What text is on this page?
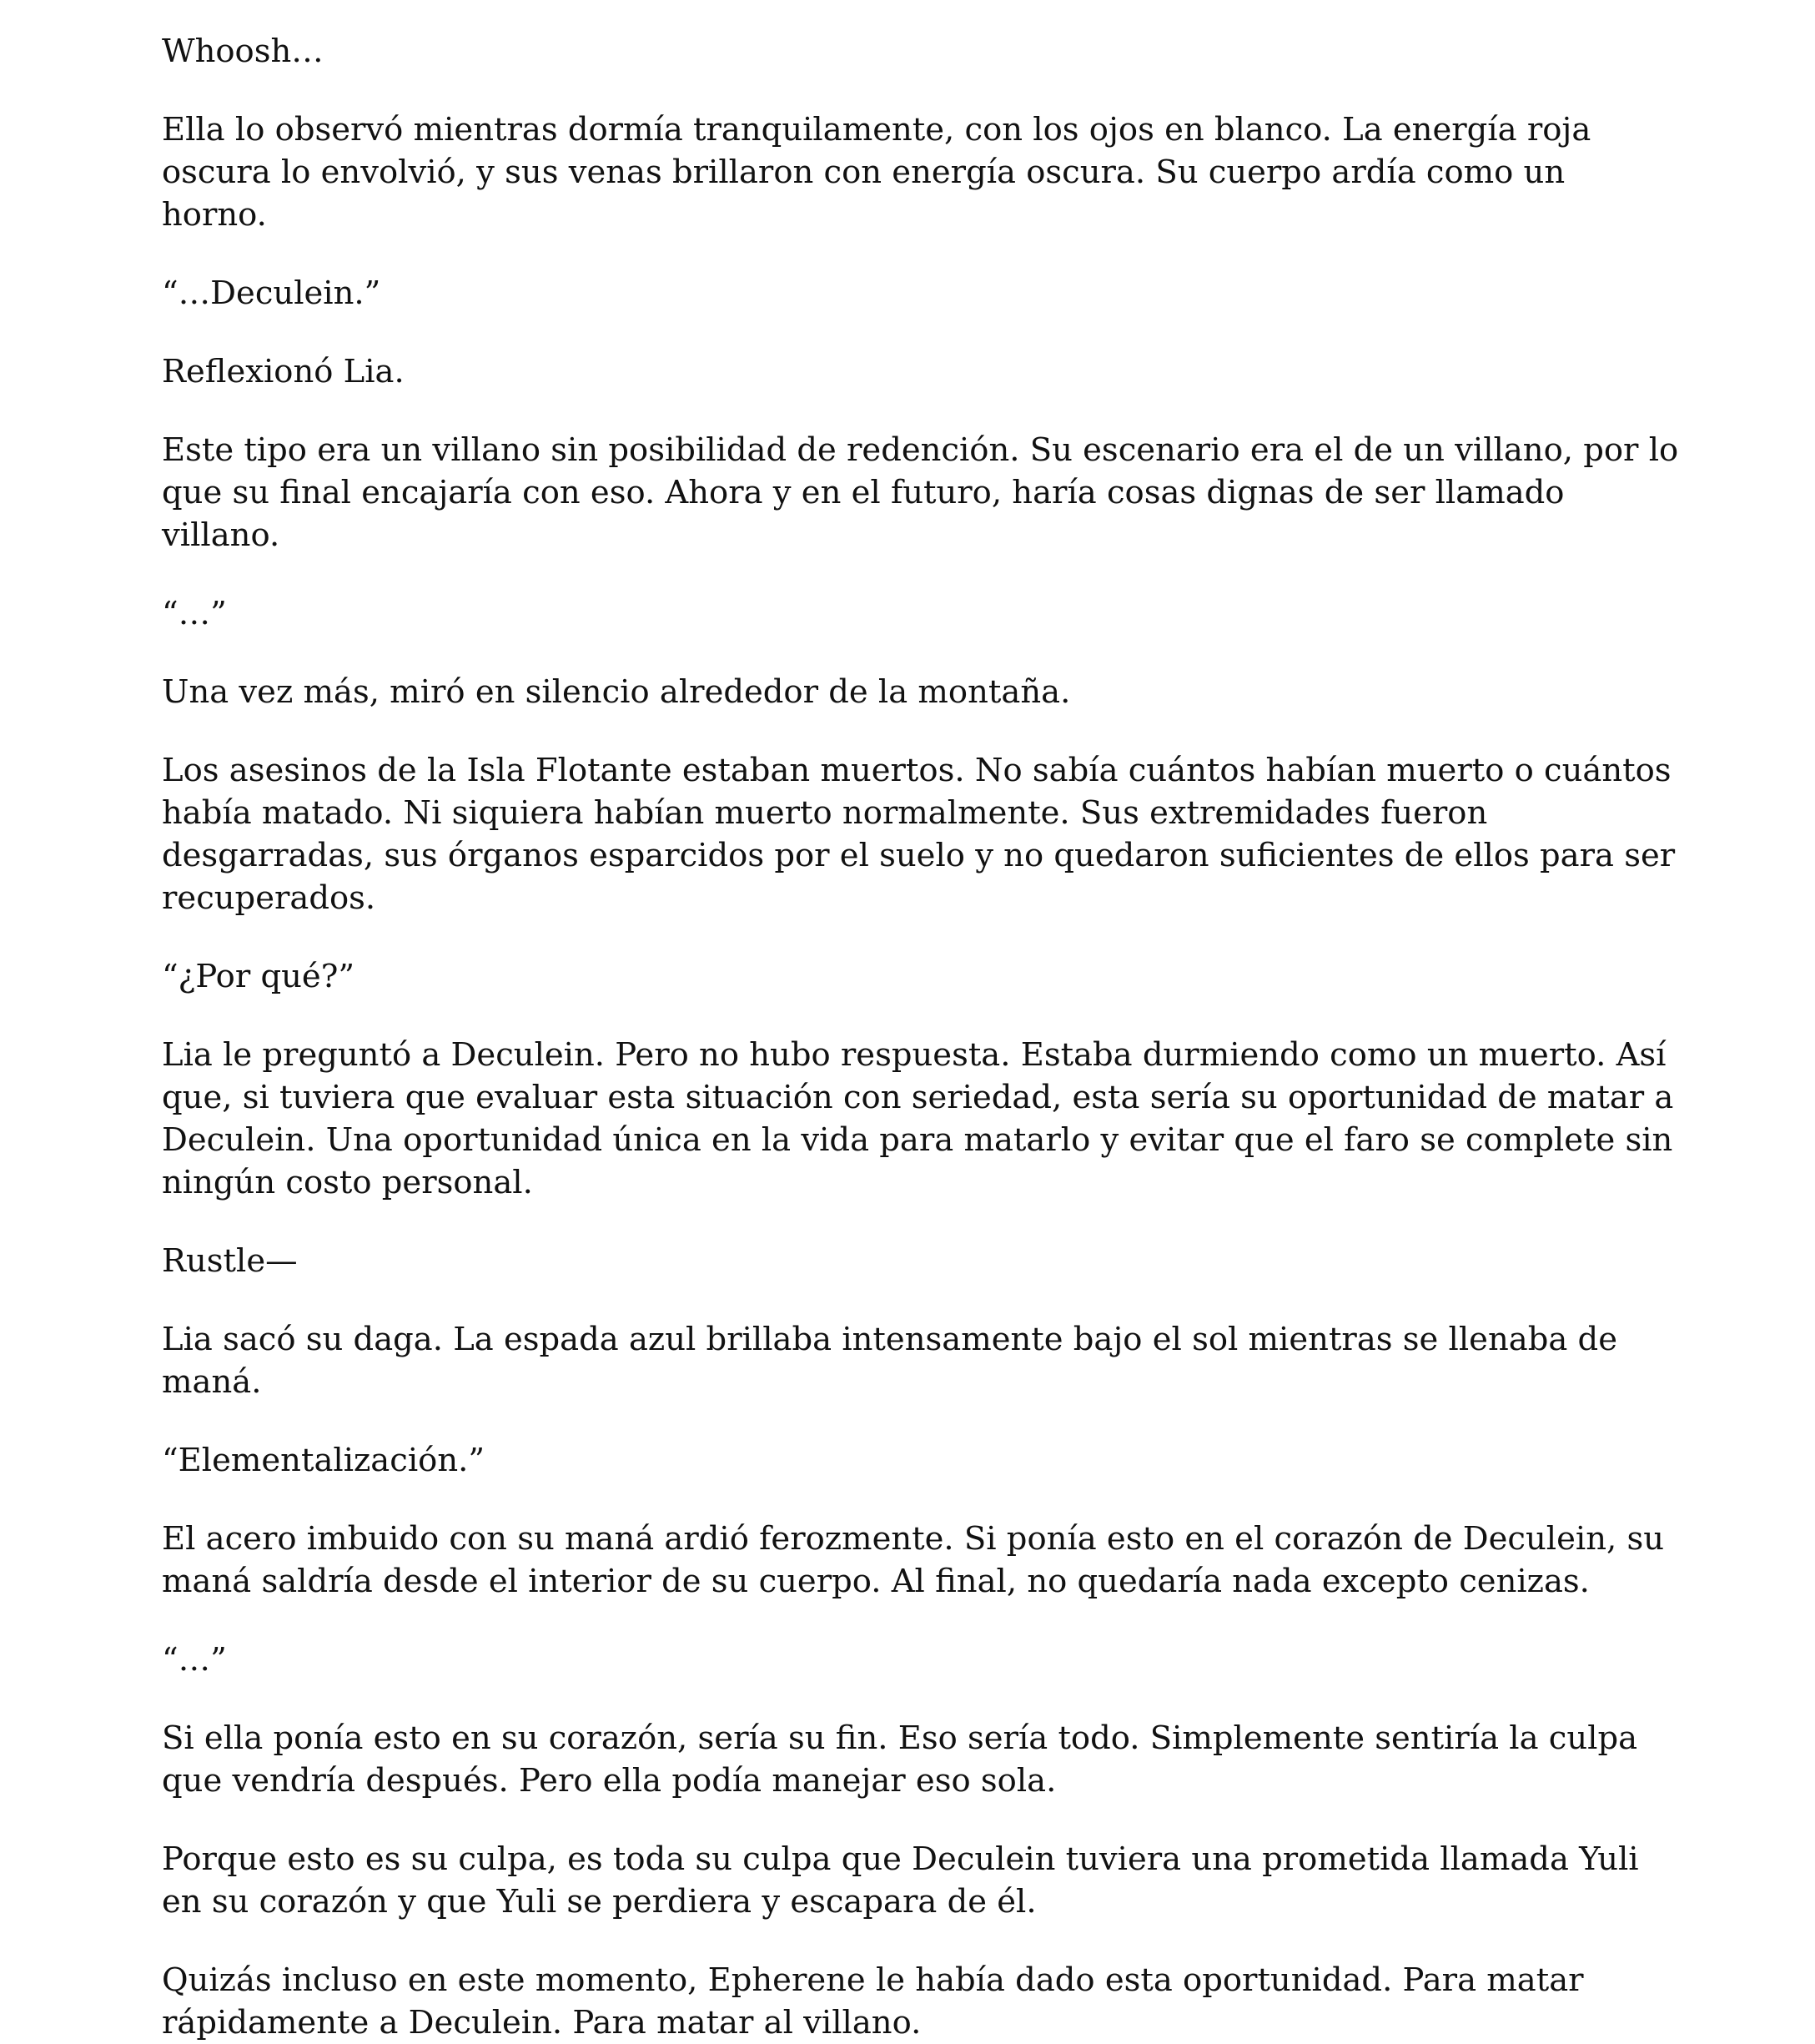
Whoosh…

Ella lo observó mientras dormía tranquilamente, con los ojos en blanco. La energía roja oscura lo envolvió, y sus venas brillaron con energía oscura. Su cuerpo ardía como un horno.

“…Deculein.”

Reflexionó Lia.

Este tipo era un villano sin posibilidad de redención. Su escenario era el de un villano, por lo que su final encajaría con eso. Ahora y en el futuro, haría cosas dignas de ser llamado villano.

“…”

Una vez más, miró en silencio alrededor de la montaña.

Los asesinos de la Isla Flotante estaban muertos. No sabía cuántos habían muerto o cuántos había matado. Ni siquiera habían muerto normalmente. Sus extremidades fueron desgarradas, sus órganos esparcidos por el suelo y no quedaron suficientes de ellos para ser recuperados.

“¿Por qué?”

Lia le preguntó a Deculein. Pero no hubo respuesta. Estaba durmiendo como un muerto. Así que, si tuviera que evaluar esta situación con seriedad, esta sería su oportunidad de matar a Deculein. Una oportunidad única en la vida para matarlo y evitar que el faro se complete sin ningún costo personal.

Rustle—

Lia sacó su daga. La espada azul brillaba intensamente bajo el sol mientras se llenaba de maná.

“Elementalización.”

El acero imbuido con su maná ardió ferozmente. Si ponía esto en el corazón de Deculein, su maná saldría desde el interior de su cuerpo. Al final, no quedaría nada excepto cenizas.

“…”

Si ella ponía esto en su corazón, sería su fin. Eso sería todo. Simplemente sentiría la culpa que vendría después. Pero ella podía manejar eso sola.

Porque esto es su culpa, es toda su culpa que Deculein tuviera una prometida llamada Yuli en su corazón y que Yuli se perdiera y escapara de él.

Quizás incluso en este momento, Epherene le había dado esta oportunidad. Para matar rápidamente a Deculein. Para matar al villano.
